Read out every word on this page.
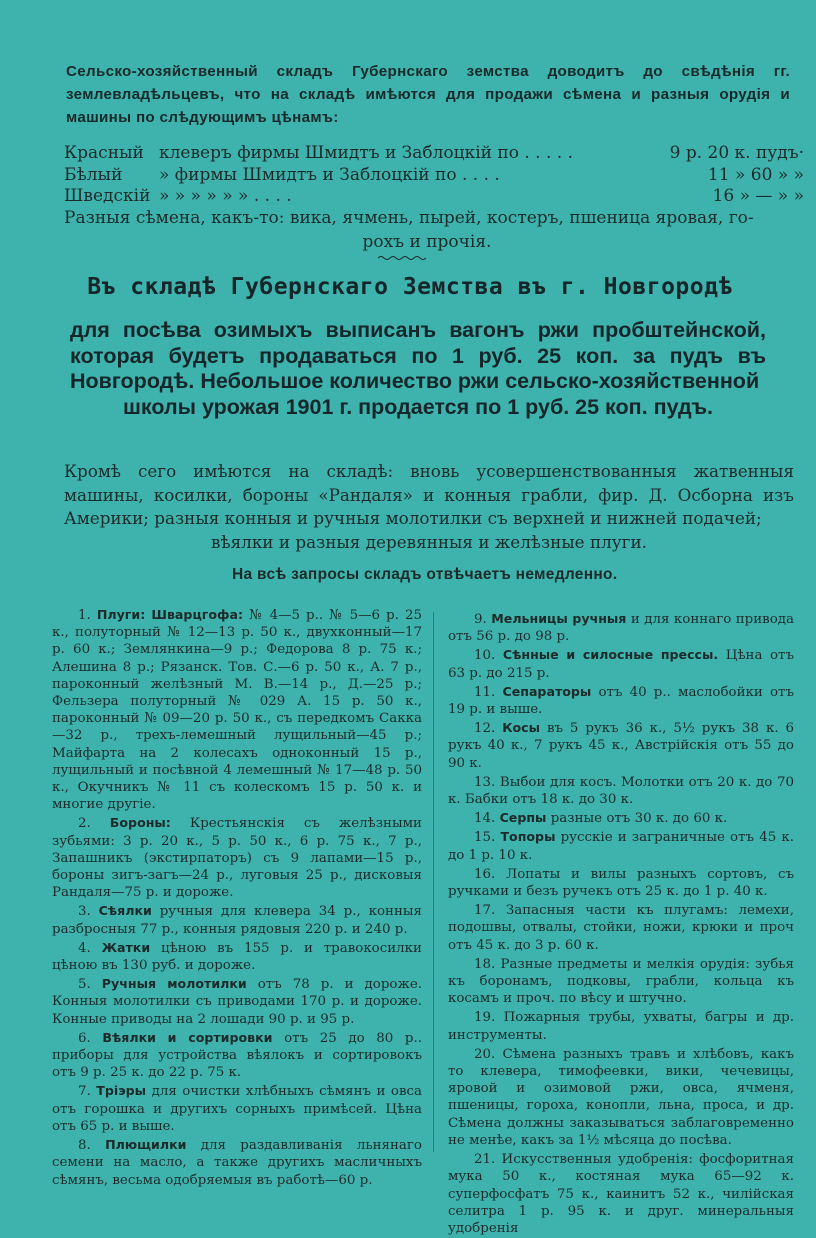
Сельско-хозяйственный складъ Губернскаго земства доводитъ до свѣдѣнія гг. землевладѣльцевъ, что на складѣ имѣются для продажи сѣмена и разныя орудія и машины по слѣдующимъ цѣнамъ:
Красный клеверъ фирмы Шмидтъ и Заблоцкій по . . . . .	9 р. 20 к. пудъ·
Бѣлый	» фирмы Шмидтъ и Заблоцкій по . . . .	11 » 60 » »
Шведскій » » » » » » . . . .	16 » — » »
Разныя сѣмена, какъ-то: вика, ячмень, пырей, костеръ, пшеница яровая, го-
рохъ и прочія.
Въ складѣ Губернскаго Земства въ г. Новгородѣ
для посѣва озимыхъ выписанъ вагонъ ржи пробштейнской, которая будетъ продаваться по 1 руб. 25 коп. за пудъ въ Новгородѣ. Небольшое количество ржи сельско-хозяйственной
школы урожая 1901 г. продается по 1 руб. 25 коп. пудъ.
Кромѣ сего имѣются на складѣ: вновь усовершенствованныя жатвенныя машины, косилки, бороны «Рандаля» и конныя грабли, фир. Д. Осборна изъ Америки; разныя конныя и ручныя молотилки съ верхней и нижней подачей;
вѣялки и разныя деревянныя и желѣзные плуги.
На всѣ запросы складъ отвѣчаетъ немедленно.

1. Плуги: Шварцгофа: № 4—5 р.. № 5—6 р. 25 к., полуторный № 12—13 р. 50 к., двухконный—17 р. 60 к.; Землянкина—9 р.; Федорова 8 р. 75 к.; Алешина 8 р.; Рязанск. Тов. С.—6 р. 50 к., А. 7 р., пароконный желѣзный М. В.—14 р., Д.—25 р.; Фельзера полуторный № 029 А. 15 р. 50 к., пароконный № 09—20 р. 50 к., съ передкомъ Сакка—32 р., трехъ-лемешный лущильный—45 р.; Майфарта на 2 колесахъ одноконный 15 р., лущильный и посѣвной 4 лемешный № 17—48 р. 50 к., Окучникъ № 11 съ колескомъ 15 р. 50 к. и многие другіе.

2. Бороны: Крестьянскія съ желѣзными зубьями: 3 р. 20 к., 5 р. 50 к., 6 р. 75 к., 7 р., Запашникъ (экстирпаторъ) съ 9 лапами—15 р., бороны зигъ-загъ—24 р., луговыя 25 р., дисковыя Рандаля—75 р. и дороже.

3. Сѣялки ручныя для клевера 34 р., конныя разбросныя 77 р., конныя рядовыя 220 р. и 240 р.

4. Жатки цѣною въ 155 р. и травокосилки цѣною въ 130 руб. и дороже.

5. Ручныя молотилки отъ 78 р. и дороже. Конныя молотилки съ приводами 170 р. и дороже. Конные приводы на 2 лошади 90 р. и 95 р.

6. Вѣялки и сортировки отъ 25 до 80 р.. приборы для устройства вѣялокъ и сортировокъ отъ 9 р. 25 к. до 22 р. 75 к.

7. Тріэры для очистки хлѣбныхъ сѣмянъ и овса отъ горошка и другихъ сорныхъ примѣсей. Цѣна отъ 65 р. и выше.

8. Плющилки для раздавливанія льнянаго семени на масло, а также другихъ масличныхъ сѣмянъ, весьма одобряемыя въ работѣ—60 р.

9. Мельницы ручныя и для коннаго привода отъ 56 р. до 98 р.

10. Сѣнные и силосные прессы. Цѣна отъ 63 р. до 215 р.

11. Сепараторы отъ 40 р.. маслобойки отъ 19 р. и выше.

12. Косы въ 5 рукъ 36 к., 5½ рукъ 38 к. 6 рукъ 40 к., 7 рукъ 45 к., Австрійскія отъ 55 до 90 к.

13. Выбои для косъ. Молотки отъ 20 к. до 70 к. Бабки отъ 18 к. до 30 к.

14. Серпы разные отъ 30 к. до 60 к.

15. Топоры русскіе и заграничные отъ 45 к. до 1 р. 10 к.

16. Лопаты и вилы разныхъ сортовъ, съ ручками и безъ ручекъ отъ 25 к. до 1 р. 40 к.

17. Запасныя части къ плугамъ: лемехи, подошвы, отвалы, стойки, ножи, крюки и проч отъ 45 к. до 3 р. 60 к.

18. Разные предметы и мелкія орудія: зубья къ боронамъ, подковы, грабли, кольца къ косамъ и проч. по вѣсу и штучно.

19. Пожарныя трубы, ухваты, багры и др. инструменты.

20. Сѣмена разныхъ травъ и хлѣбовъ, какъ то клевера, тимофеевки, вики, чечевицы, яровой и озимовой ржи, овса, ячменя, пшеницы, гороха, конопли, льна, проса, и др. Сѣмена должны заказываться заблаговременно не менѣе, какъ за 1½ мѣсяца до посѣва.

21. Искусственныя удобренія: фосфоритная мука 50 к., костяная мука 65—92 к. суперфосфатъ 75 к., каинитъ 52 к., чилійская селитра 1 р. 95 к. и друг. минеральныя удобренія
